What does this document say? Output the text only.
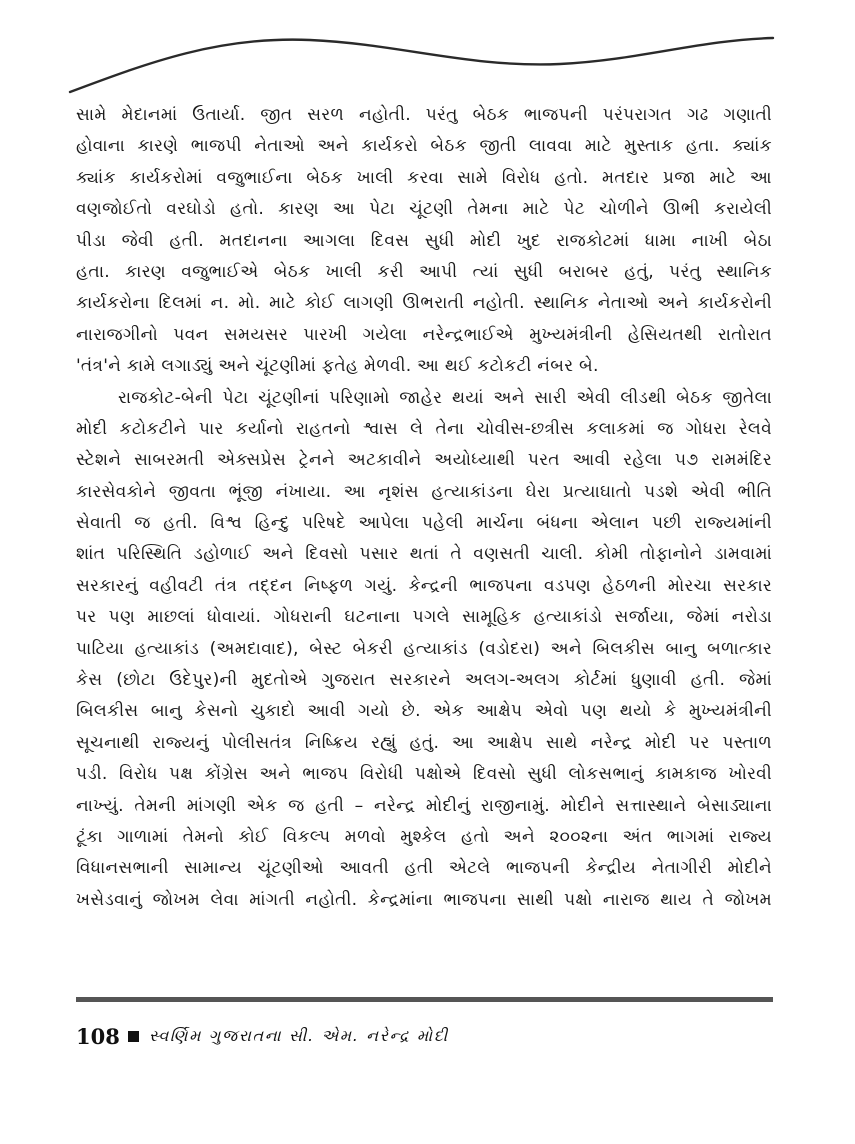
સામે મેદાનમાં ઉતાર્યા. જીત સરળ નહોતી. પરંતુ બેઠક ભાજપની પરંપરાગત ગઢ ગણાતી
હોવાના કારણે ભાજપી નેતાઓ અને કાર્યકરો બેઠક જીતી લાવવા માટે મુસ્તાક હતા. ક્યાંક
ક્યાંક કાર્યકરોમાં વજુભાઈના બેઠક ખાલી કરવા સામે વિરોધ હતો. મતદાર પ્રજા માટે આ
વણજોઈતો વરઘોડો હતો. કારણ આ પેટા ચૂંટણી તેમના માટે પેટ ચોળીને ઊભી કરાયેલી
પીડા જેવી હતી. મતદાનના આગલા દિવસ સુધી મોદી ખુદ રાજકોટમાં ધામા નાખી બેઠા
હતા. કારણ વજુભાઈએ બેઠક ખાલી કરી આપી ત્યાં સુધી બરાબર હતું, પરંતુ સ્થાનિક
કાર્યકરોના દિલમાં ન. મો. માટે કોઈ લાગણી ઊભરાતી નહોતી. સ્થાનિક નેતાઓ અને કાર્યકરોની
નારાજગીનો પવન સમયસર પારખી ગયેલા નરેન્દ્રભાઈએ મુખ્યમંત્રીની હેસિયતથી રાતોરાત
'તંત્ર'ને કામે લગાડ્યું અને ચૂંટણીમાં ફતેહ મેળવી. આ થઈ કટોકટી નંબર બે.
રાજકોટ-બેની પેટા ચૂંટણીનાં પરિણામો જાહેર થયાં અને સારી એવી લીડથી બેઠક જીતેલા
મોદી કટોકટીને પાર કર્યાનો રાહતનો શ્વાસ લે તેના ચોવીસ-છત્રીસ કલાકમાં જ ગોધરા રેલવે
સ્ટેશને સાબરમતી એક્સપ્રેસ ટ્રેનને અટકાવીને અયોધ્યાથી પરત આવી રહેલા ૫૭ રામમંદિર
કારસેવકોને જીવતા ભૂંજી નંખાયા. આ નૃશંસ હત્યાકાંડના ઘેરા પ્રત્યાઘાતો પડશે એવી ભીતિ
સેવાતી જ હતી. વિશ્વ હિન્દુ પરિષદે આપેલા પહેલી માર્ચના બંધના એલાન પછી રાજ્યમાંની
શાંત પરિસ્થિતિ ડહોળાઈ અને દિવસો પસાર થતાં તે વણસતી ચાલી. કોમી તોફાનોને ડામવામાં
સરકારનું વહીવટી તંત્ર તદ્દન નિષ્ફળ ગયું. કેન્દ્રની ભાજપના વડપણ હેઠળની મોરચા સરકાર
પર પણ માછલાં ધોવાયાં. ગોધરાની ઘટનાના પગલે સામૂહિક હત્યાકાંડો સર્જાયા, જેમાં નરોડા
પાટિયા હત્યાકાંડ (અમદાવાદ), બેસ્ટ બેકરી હત્યાકાંડ (વડોદરા) અને બિલકીસ બાનુ બળાત્કાર
કેસ (છોટા ઉદેપુર)ની મુદતોએ ગુજરાત સરકારને અલગ-અલગ કોર્ટમાં ધુણાવી હતી. જેમાં
બિલકીસ બાનુ કેસનો ચુકાદો આવી ગયો છે. એક આક્ષેપ એવો પણ થયો કે મુખ્યમંત્રીની
સૂચનાથી રાજ્યનું પોલીસતંત્ર નિષ્ક્રિય રહ્યું હતું. આ આક્ષેપ સાથે નરેન્દ્ર મોદી પર પસ્તાળ
પડી. વિરોધ પક્ષ કોંગ્રેસ અને ભાજપ વિરોધી પક્ષોએ દિવસો સુધી લોકસભાનું કામકાજ ખોરવી
નાખ્યું. તેમની માંગણી એક જ હતી – નરેન્દ્ર મોદીનું રાજીનામું. મોદીને સત્તાસ્થાને બેસાડ્યાના
ટૂંકા ગાળામાં તેમનો કોઈ વિકલ્પ મળવો મુશ્કેલ હતો અને ૨૦૦૨ના અંત ભાગમાં રાજ્ય
વિધાનસભાની સામાન્ય ચૂંટણીઓ આવતી હતી એટલે ભાજપની કેન્દ્રીય નેતાગીરી મોદીને
ખસેડવાનું જોખમ લેવા માંગતી નહોતી. કેન્દ્રમાંના ભાજપના સાથી પક્ષો નારાજ થાય તે જોખમ
108 સ્વર્ણિમ ગુજરાતના સી. એમ. નરેન્દ્ર મોદી
